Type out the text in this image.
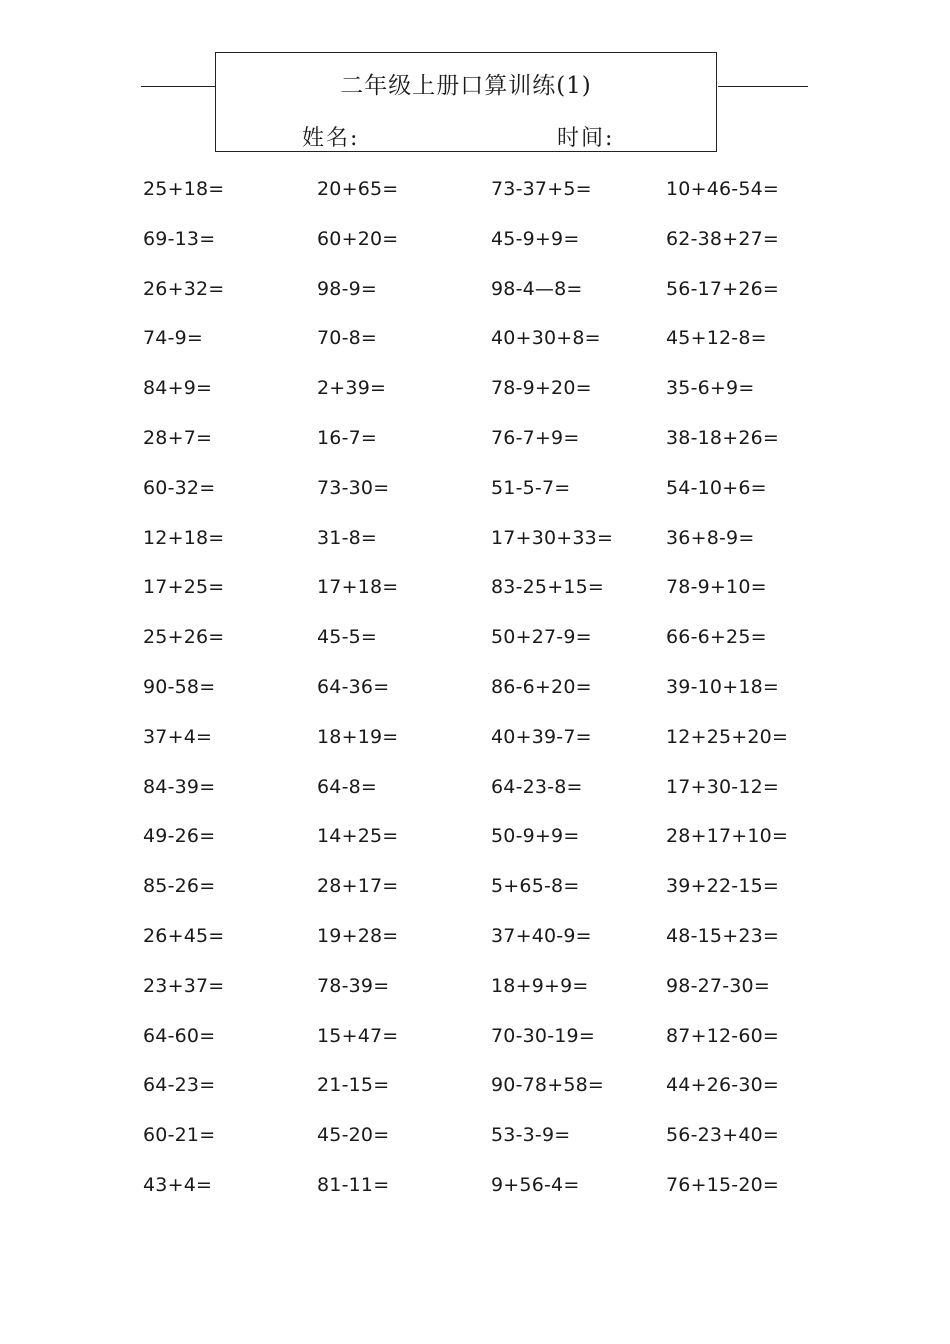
二年级上册口算训练(1)
姓名:	时间:
25+18=	20+65=	73-37+5=	10+46-54=
69-13=	60+20=	45-9+9=	62-38+27=
26+32=	98-9=	98-4—8=	56-17+26=
74-9=	70-8=	40+30+8=	45+12-8=
84+9=	2+39=	78-9+20=	35-6+9=
28+7=	16-7=	76-7+9=	38-18+26=
60-32=	73-30=	51-5-7=	54-10+6=
12+18=	31-8=	17+30+33=	36+8-9=
17+25=	17+18=	83-25+15=	78-9+10=
25+26=	45-5=	50+27-9=	66-6+25=
90-58=	64-36=	86-6+20=	39-10+18=
37+4=	18+19=	40+39-7=	12+25+20=
84-39=	64-8=	64-23-8=	17+30-12=
49-26=	14+25=	50-9+9=	28+17+10=
85-26=	28+17=	5+65-8=	39+22-15=
26+45=	19+28=	37+40-9=	48-15+23=
23+37=	78-39=	18+9+9=	98-27-30=
64-60=	15+47=	70-30-19=	87+12-60=
64-23=	21-15=	90-78+58=	44+26-30=
60-21=	45-20=	53-3-9=	56-23+40=
43+4=	81-11=	9+56-4=	76+15-20=
